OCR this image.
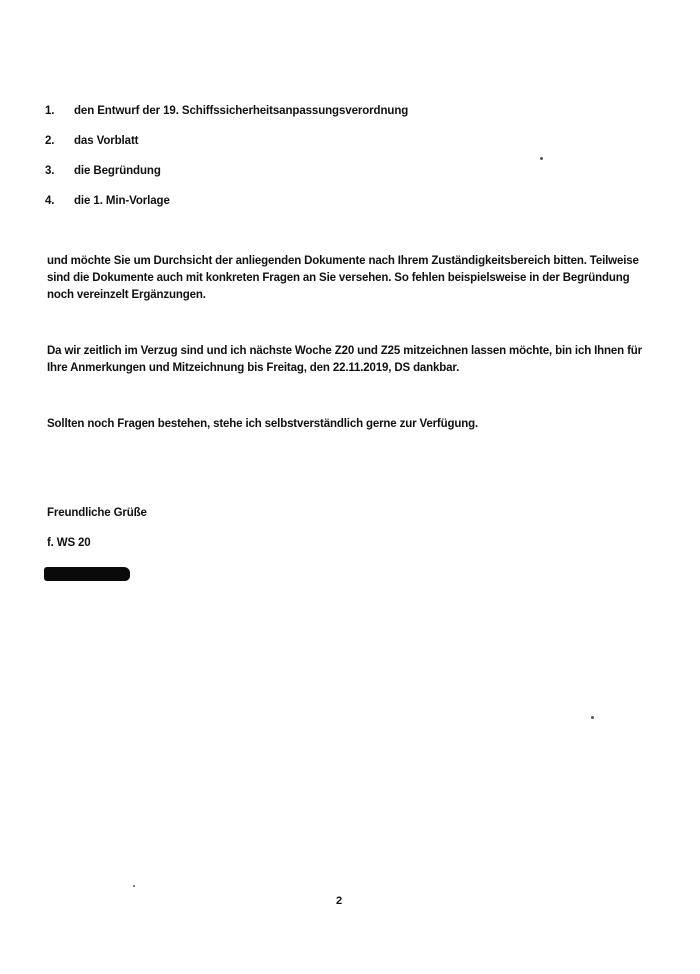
1. den Entwurf der 19. Schiffssicherheitsanpassungsverordnung
2. das Vorblatt
3. die Begründung
4. die 1. Min-Vorlage
und möchte Sie um Durchsicht der anliegenden Dokumente nach Ihrem Zuständigkeitsbereich bitten. Teilweise sind die Dokumente auch mit konkreten Fragen an Sie versehen. So fehlen beispielsweise in der Begründung noch vereinzelt Ergänzungen.
Da wir zeitlich im Verzug sind und ich nächste Woche Z20 und Z25 mitzeichnen lassen möchte, bin ich Ihnen für Ihre Anmerkungen und Mitzeichnung bis Freitag, den 22.11.2019, DS dankbar.
Sollten noch Fragen bestehen, stehe ich selbstverständlich gerne zur Verfügung.
Freundliche Grüße
f. WS 20
2
